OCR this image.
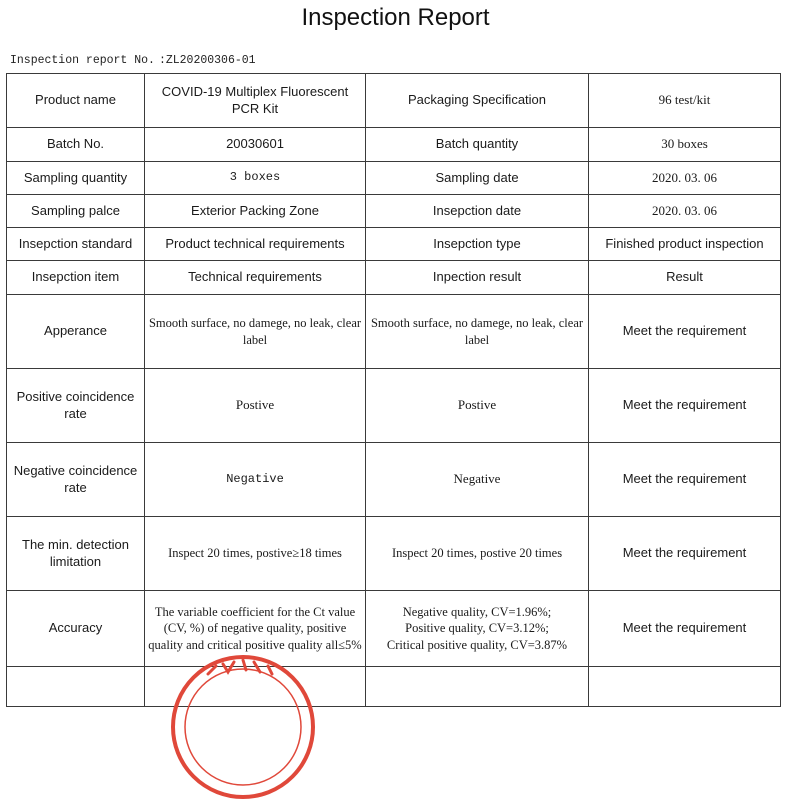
Inspection Report
Inspection report No. :ZL20200306-01
Product name	COVID-19 Multiplex Fluorescent PCR Kit	Packaging Specification	96 test/kit
Batch No.	20030601	Batch quantity	30 boxes
Sampling quantity	3 boxes	Sampling date	2020. 03. 06
Sampling palce	Exterior Packing Zone	Insepction date	2020. 03. 06
Insepction standard	Product technical requirements	Insepction type	Finished product inspection
Insepction item	Technical requirements	Inpection result	Result
Apperance	Smooth surface, no damege, no leak, clear label	Smooth surface, no damege, no leak, clear label	Meet the requirement
Positive coincidence rate	Postive	Postive	Meet the requirement
Negative coincidence rate	Negative	Negative	Meet the requirement
The min. detection limitation	Inspect 20 times, postive≥18 times	Inspect 20 times, postive 20 times	Meet the requirement
Accuracy	The variable coefficient for the Ct value (CV, %) of negative quality, positive quality and critical positive quality all≤5%	Negative quality, CV=1.96%;
Positive quality, CV=3.12%;
Critical positive quality, CV=3.87%	Meet the requirement
